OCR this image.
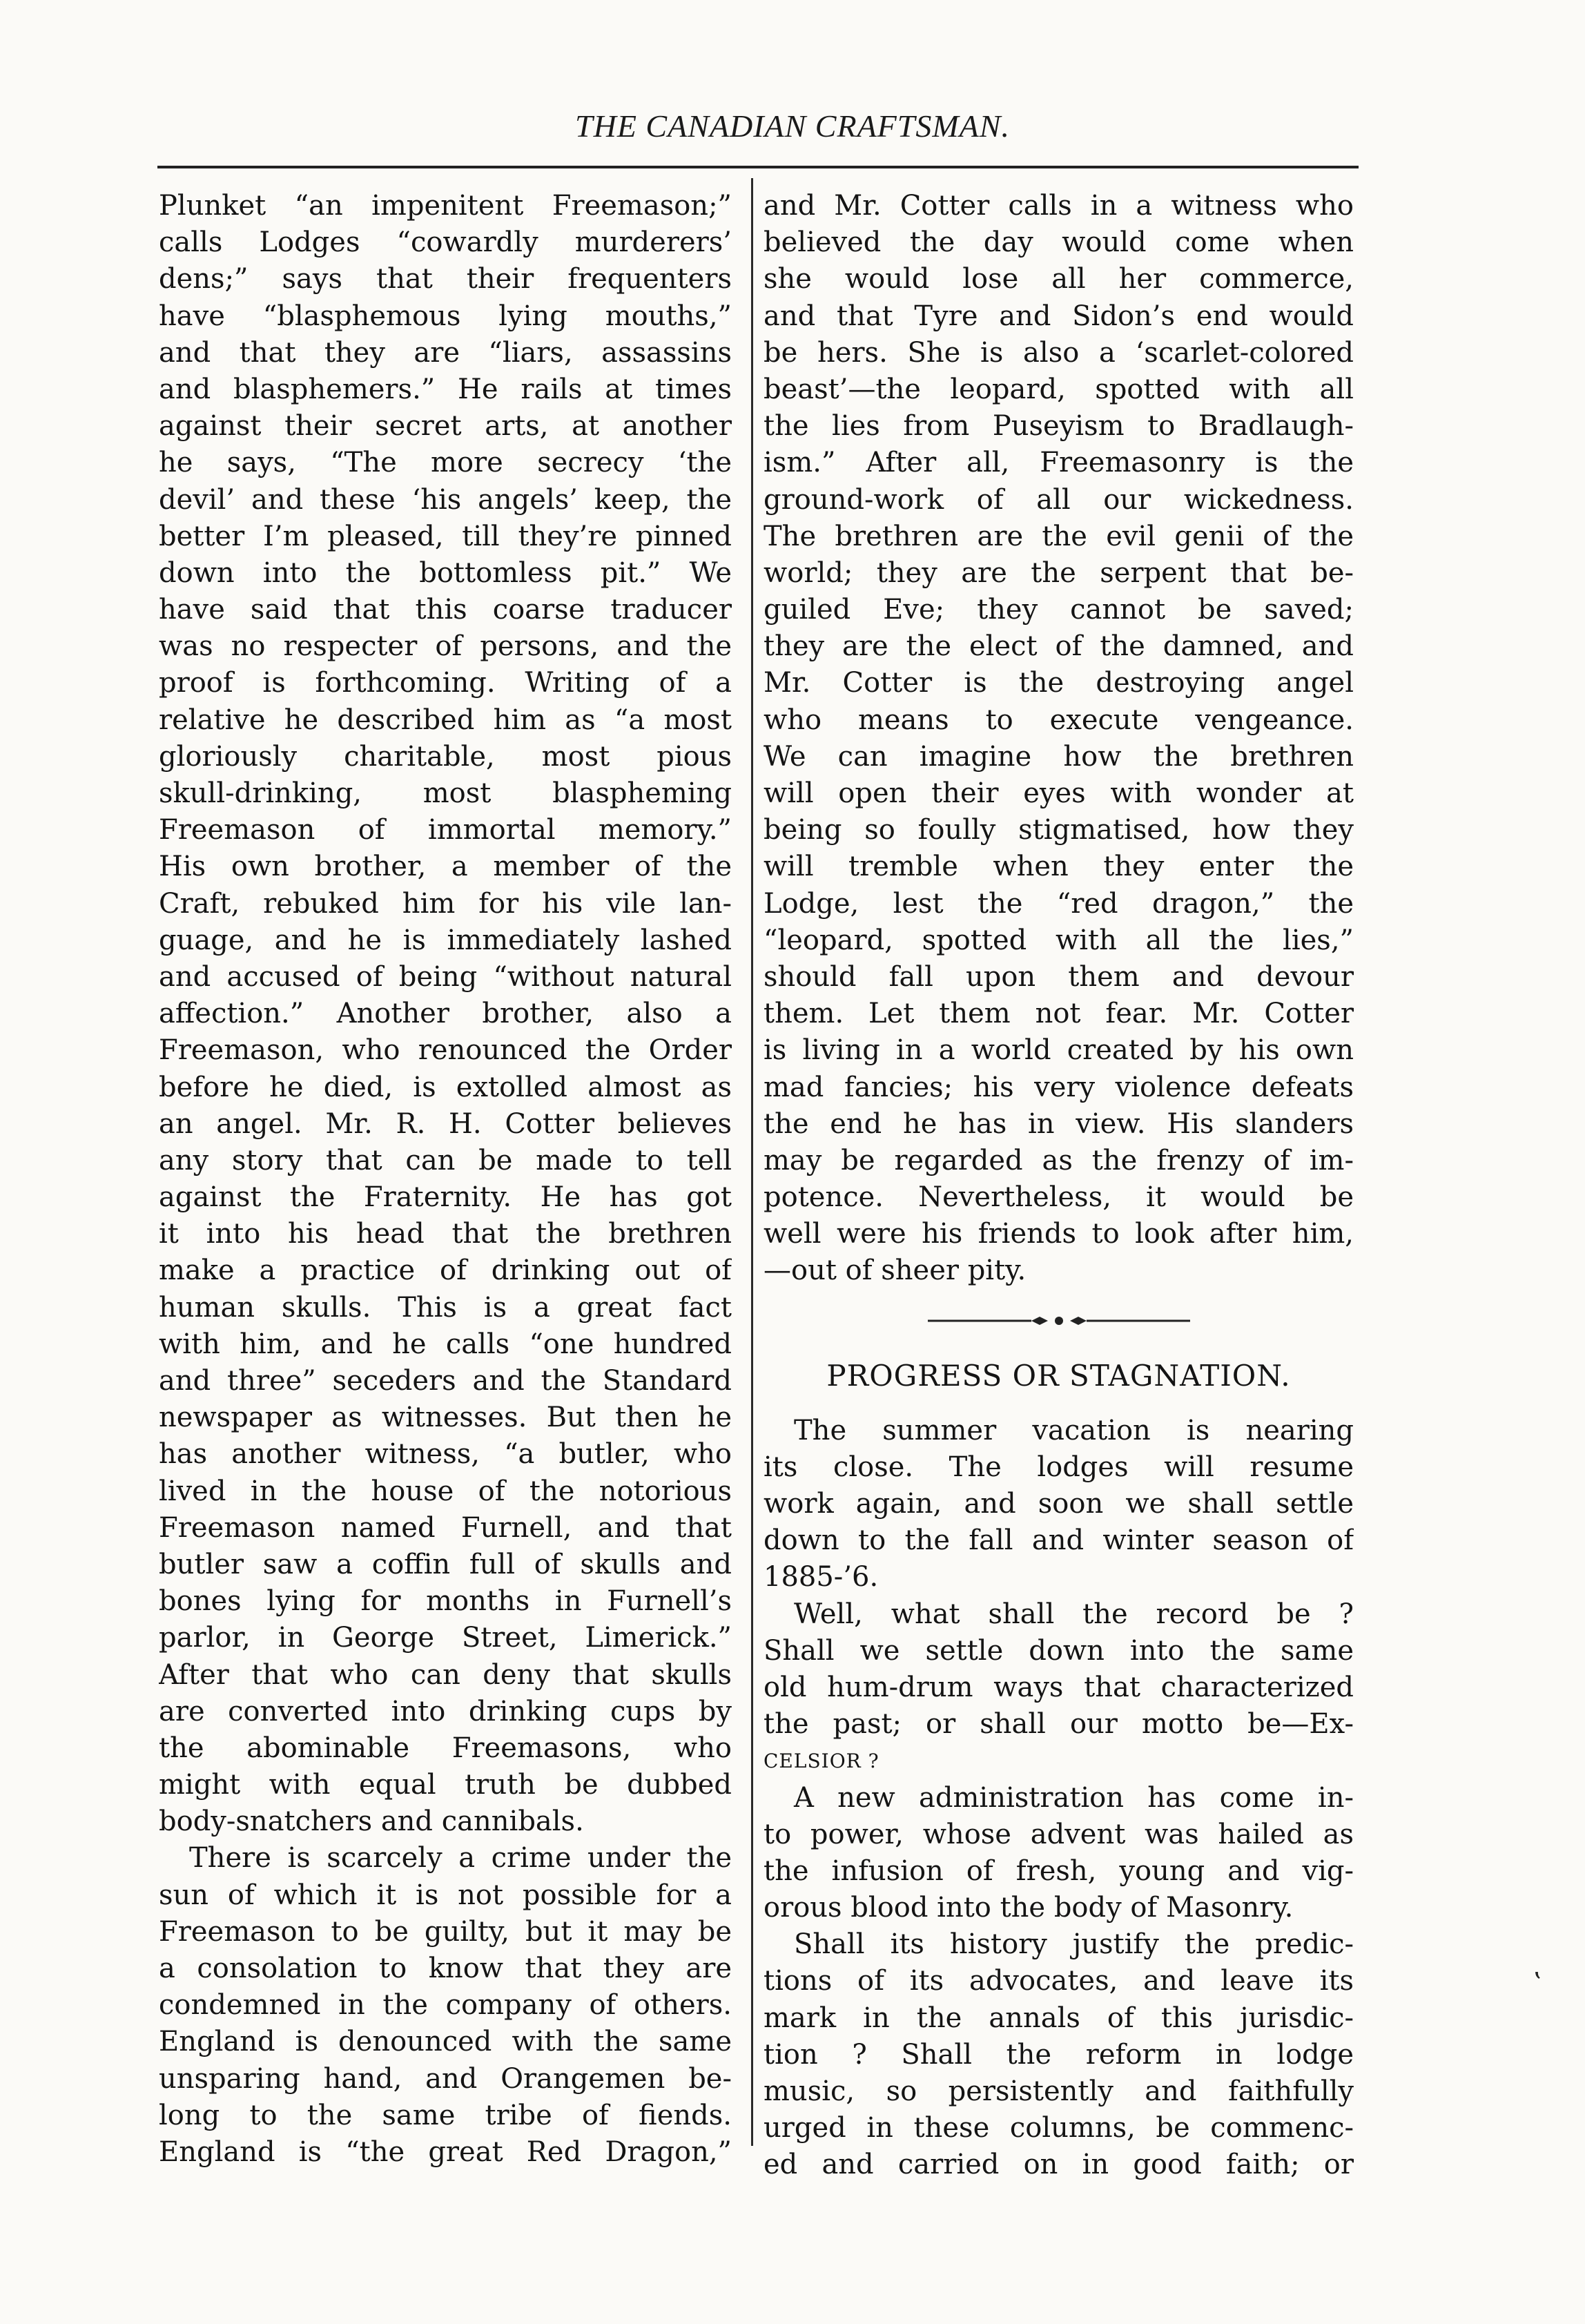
THE CANADIAN CRAFTSMAN.
Plunket “an impenitent Freemason;”
calls Lodges “cowardly murderers’
dens;” says that their frequenters
have “blasphemous lying mouths,”
and that they are “liars, assassins
and blasphemers.” He rails at times
against their secret arts, at another
he says, “The more secrecy ‘the
devil’ and these ‘his angels’ keep, the
better I’m pleased, till they’re pinned
down into the bottomless pit.” We
have said that this coarse traducer
was no respecter of persons, and the
proof is forthcoming. Writing of a
relative he described him as “a most
gloriously charitable, most pious
skull-drinking, most blaspheming
Freemason of immortal memory.”
His own brother, a member of the
Craft, rebuked him for his vile lan-
guage, and he is immediately lashed
and accused of being “without natural
affection.” Another brother, also a
Freemason, who renounced the Order
before he died, is extolled almost as
an angel. Mr. R. H. Cotter believes
any story that can be made to tell
against the Fraternity. He has got
it into his head that the brethren
make a practice of drinking out of
human skulls. This is a great fact
with him, and he calls “one hundred
and three” seceders and the Standard
newspaper as witnesses. But then he
has another witness, “a butler, who
lived in the house of the notorious
Freemason named Furnell, and that
butler saw a coffin full of skulls and
bones lying for months in Furnell’s
parlor, in George Street, Limerick.”
After that who can deny that skulls
are converted into drinking cups by
the abominable Freemasons, who
might with equal truth be dubbed
body-snatchers and cannibals.
There is scarcely a crime under the
sun of which it is not possible for a
Freemason to be guilty, but it may be
a consolation to know that they are
condemned in the company of others.
England is denounced with the same
unsparing hand, and Orangemen be-
long to the same tribe of fiends.
England is “the great Red Dragon,”
and Mr. Cotter calls in a witness who
believed the day would come when
she would lose all her commerce,
and that Tyre and Sidon’s end would
be hers. She is also a ‘scarlet-colored
beast’—the leopard, spotted with all
the lies from Puseyism to Bradlaugh-
ism.” After all, Freemasonry is the
ground-work of all our wickedness.
The brethren are the evil genii of the
world; they are the serpent that be-
guiled Eve; they cannot be saved;
they are the elect of the damned, and
Mr. Cotter is the destroying angel
who means to execute vengeance.
We can imagine how the brethren
will open their eyes with wonder at
being so foully stigmatised, how they
will tremble when they enter the
Lodge, lest the “red dragon,” the
“leopard, spotted with all the lies,”
should fall upon them and devour
them. Let them not fear. Mr. Cotter
is living in a world created by his own
mad fancies; his very violence defeats
the end he has in view. His slanders
may be regarded as the frenzy of im-
potence. Nevertheless, it would be
well were his friends to look after him,
—out of sheer pity.
PROGRESS OR STAGNATION.
The summer vacation is nearing
its close. The lodges will resume
work again, and soon we shall settle
down to the fall and winter season of
1885-’6.
Well, what shall the record be ?
Shall we settle down into the same
old hum-drum ways that characterized
the past; or shall our motto be—Ex-
CELSIOR ?
A new administration has come in-
to power, whose advent was hailed as
the infusion of fresh, young and vig-
orous blood into the body of Masonry.
Shall its history justify the predic-
tions of its advocates, and leave its
mark in the annals of this jurisdic-
tion ? Shall the reform in lodge
music, so persistently and faithfully
urged in these columns, be commenc-
ed and carried on in good faith; or
ʽ
